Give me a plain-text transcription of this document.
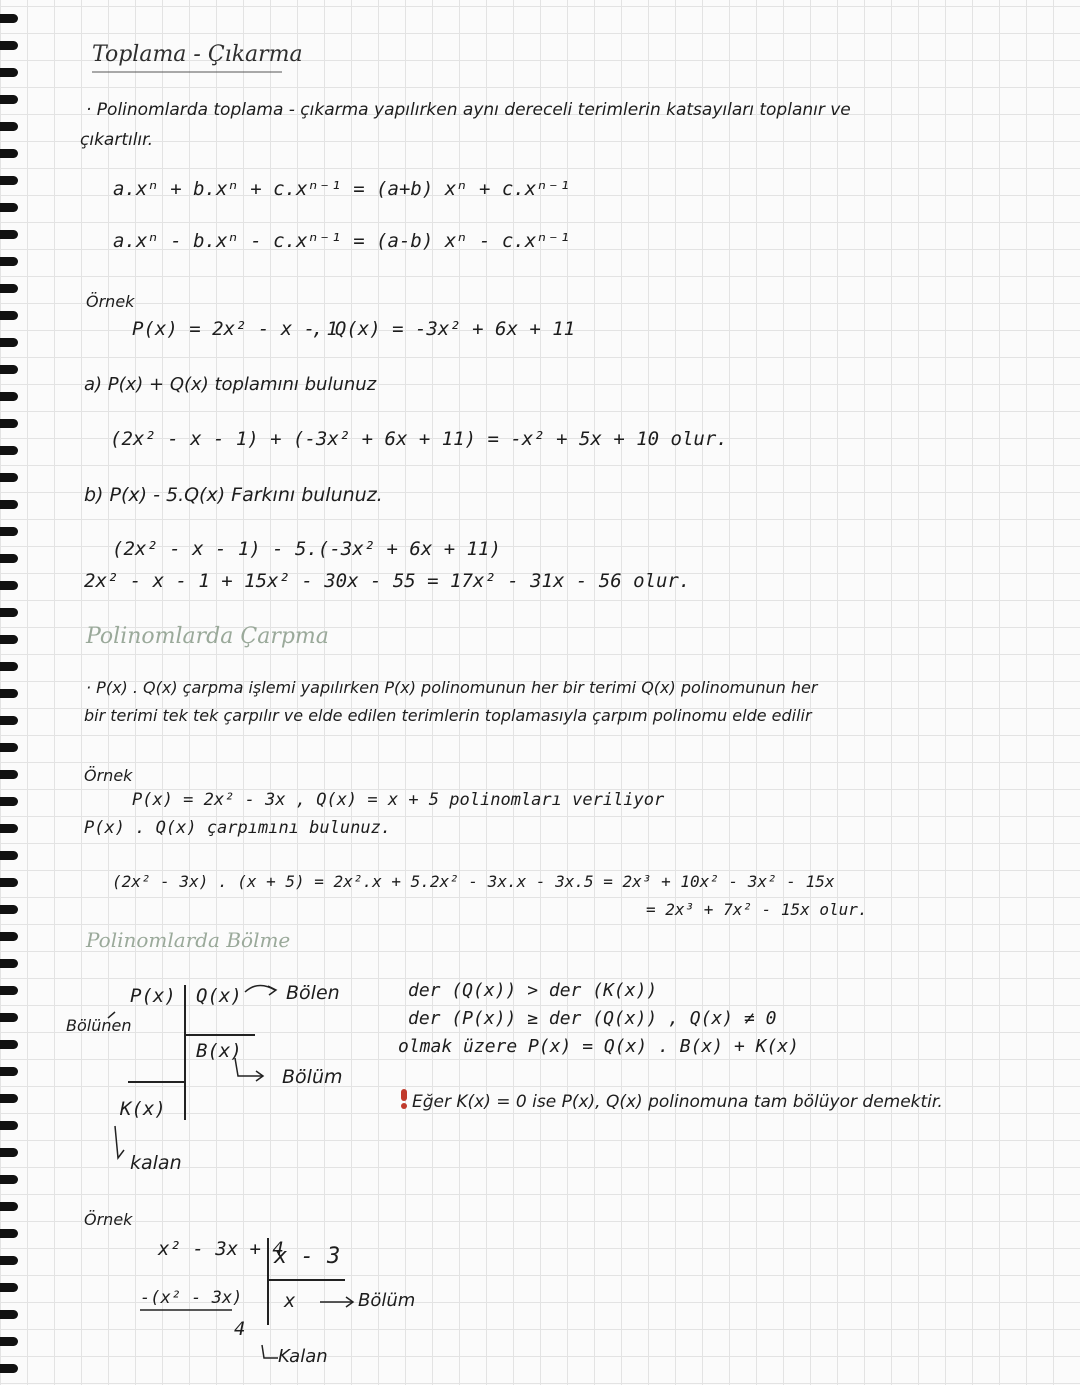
Toplama - Çıkarma
· Polinomlarda toplama - çıkarma yapılırken aynı dereceli terimlerin katsayıları toplanır ve
çıkartılır.
a.xⁿ + b.xⁿ + c.xⁿ⁻¹ = (a+b) xⁿ + c.xⁿ⁻¹
a.xⁿ - b.xⁿ - c.xⁿ⁻¹ = (a-b) xⁿ - c.xⁿ⁻¹
Örnek
P(x) = 2x² - x - 1
, Q(x) = -3x² + 6x + 11
a) P(x) + Q(x) toplamını bulunuz
(2x² - x - 1) + (-3x² + 6x + 11) = -x² + 5x + 10 olur.
b) P(x) - 5.Q(x) Farkını bulunuz.
(2x² - x - 1) - 5.(-3x² + 6x + 11)
2x² - x - 1 + 15x² - 30x - 55 = 17x² - 31x - 56 olur.
Polinomlarda Çarpma
· P(x) . Q(x) çarpma işlemi yapılırken P(x) polinomunun her bir terimi Q(x) polinomunun her
bir terimi tek tek çarpılır ve elde edilen terimlerin toplamasıyla çarpım polinomu elde edilir
Örnek
P(x) = 2x² - 3x , Q(x) = x + 5 polinomları veriliyor
P(x) . Q(x) çarpımını bulunuz.
(2x² - 3x) . (x + 5) = 2x².x + 5.2x² - 3x.x - 3x.5 = 2x³ + 10x² - 3x² - 15x
= 2x³ + 7x² - 15x olur.
Polinomlarda Bölme
P(x) Q(x) Bölen
Bölünen
B(x)
Bölüm
K(x)
kalan
der (Q(x)) > der (K(x))
der (P(x)) ≥ der (Q(x)) , Q(x) ≠ 0
olmak üzere P(x) = Q(x) . B(x) + K(x)
Eğer K(x) = 0 ise P(x), Q(x) polinomuna tam bölüyor demektir.
Örnek
x² - 3x + 4
x - 3
-(x² - 3x) x	Bölüm
4
Kalan
